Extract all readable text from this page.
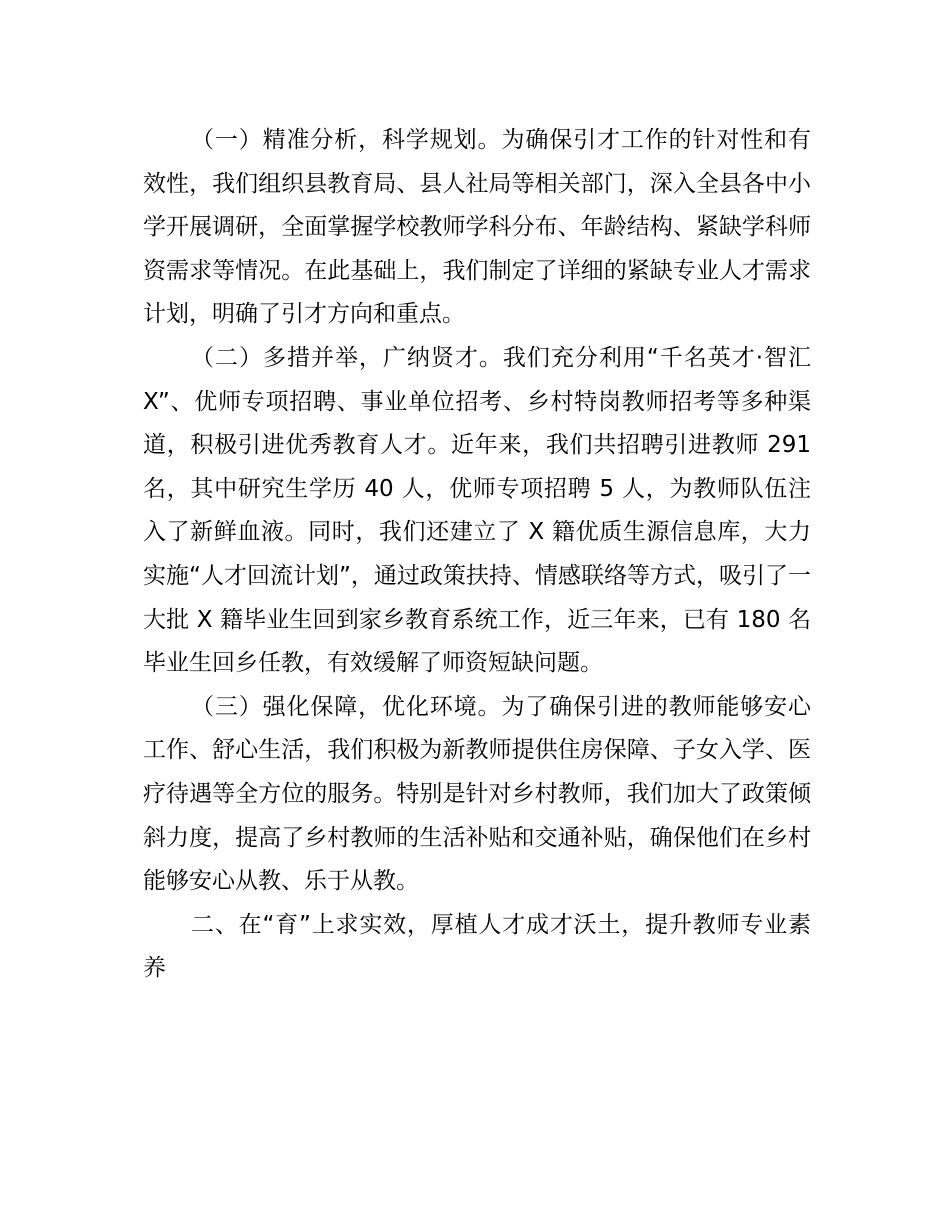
（一）精准分析，科学规划。为确保引才工作的针对性和有效性，我们组织县教育局、县人社局等相关部门，深入全县各中小学开展调研，全面掌握学校教师学科分布、年龄结构、紧缺学科师资需求等情况。在此基础上，我们制定了详细的紧缺专业人才需求计划，明确了引才方向和重点。

（二）多措并举，广纳贤才。我们充分利用“千名英才·智汇 X”、优师专项招聘、事业单位招考、乡村特岗教师招考等多种渠道，积极引进优秀教育人才。近年来，我们共招聘引进教师 291 名，其中研究生学历 40 人，优师专项招聘 5 人，为教师队伍注入了新鲜血液。同时，我们还建立了 X 籍优质生源信息库，大力实施“人才回流计划”，通过政策扶持、情感联络等方式，吸引了一大批 X 籍毕业生回到家乡教育系统工作，近三年来，已有 180 名毕业生回乡任教，有效缓解了师资短缺问题。

（三）强化保障，优化环境。为了确保引进的教师能够安心工作、舒心生活，我们积极为新教师提供住房保障、子女入学、医疗待遇等全方位的服务。特别是针对乡村教师，我们加大了政策倾斜力度，提高了乡村教师的生活补贴和交通补贴，确保他们在乡村能够安心从教、乐于从教。

二、在“育”上求实效，厚植人才成才沃土，提升教师专业素养
